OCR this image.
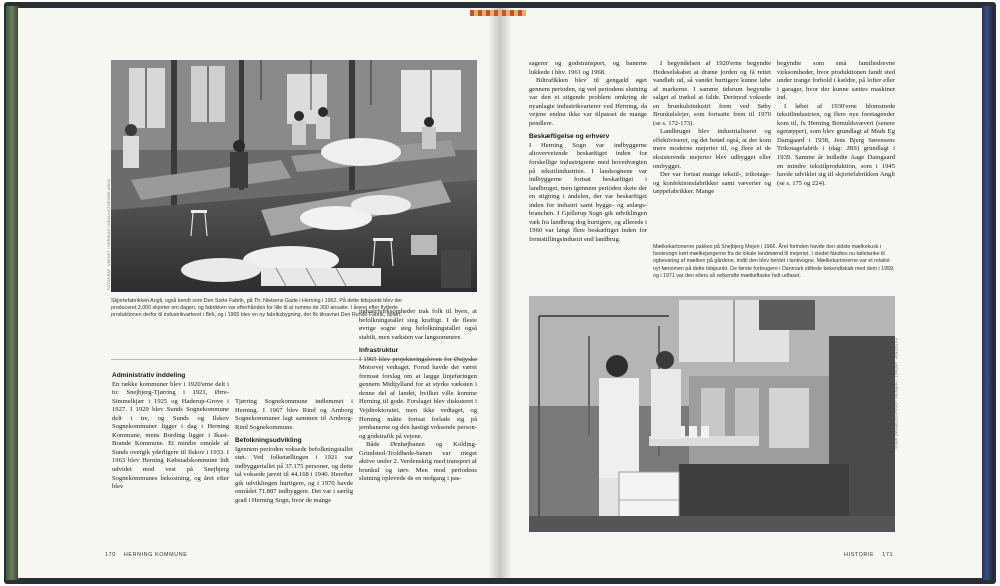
FOTOGRAF: UKENDT / HERNING LOKALHISTORISKE ARKIV
Skjortefabrikken Angli, også kendt som Den Sorte Fabrik, på Th. Nielsens Gade i Herning i 1962. På dette tidspunkt blev der produceret 3.000 skjorter om dagen, og fabrikken var efterhånden for lille til at rumme de 300 ansatte. I årene efter flyttede produktionen derfor til industrikvarteret i Birk, og i 1965 blev en ny fabriksbygning, der fik tilnavnet Den Runde Fabrik, opført.
Administrativ inddeling

En række kommuner blev i 1920'erne delt i to: Snejbjerg-Tjørring i 1921, Ørre-Simmelkjær i 1925 og Haderup-Grove i 1927. I 1929 blev Sunds Sognekommune delt i tre, og Sunds og Ilskov Sognekommuner ligger i dag i Herning Kommune, mens Bording ligger i Ikast-Brande Kommune. Et mindre område af Sunds overgik yderligere til Ilskov i 1933. I 1963 blev Herning Købstadskommune lidt udvidet mod vest på Snejbjerg Sognekommunes bekostning, og året efter blev

Tjørring Sognekommune indlemmet i Herning. I 1967 blev Rind og Arnborg Sognekommuner lagt sammen til Arnborg-Rind Sognekommune.

Befolkningsudvikling

Igennem perioden voksede befolkningstallet støt. Ved folketællingen i 1921 var indbyggertallet på 37.175 personer, og dette tal voksede jævnt til 44.168 i 1940. Herefter gik udviklingen hurtigere, og i 1970 havde området 71.887 indbyggere. Det var i særlig grad i Herning Sogn, hvor de mange

industrivirksomheder trak folk til byen, at befolkningstallet steg kraftigt. I de fleste øvrige sogne steg befolkningstallet også stabilt, men væksten var langsommere.

Infrastruktur

I 1965 blev projekteringsloven for Østjyske Motorvej vedtaget. Forud havde der været fremsat forslag om at lægge linjeføringen gennem Midtjylland for at styrke væksten i denne del af landet, hvilket ville komme Herning til gode. Forslaget blev diskuteret i Vejdirektoratet, men ikke vedtaget, og Herning måtte fortsat forlade sig på jernbanerne og den hastigt voksende person- og godstrafik på vejene.

Både Ørnhøjbanen og Kolding-Grindsted-Troldhede-banen var meget aktive under 2. Verdenskrig med transport af brunkul og tørv. Men mod periodens slutning oplevede de en nedgang i pas-

170 HERNING KOMMUNE

sagerer og godstransport, og banerne lukkede i hhv. 1961 og 1968.

Biltrafikken blev til gengæld øget gennem perioden, og ved periodens slutning var den et stigende problem omkring de nyanlagte industrikvarterer ved Herning, da vejene endnu ikke var tilpasset de mange pendlere.

Beskæftigelse og erhverv

I Herning Sogn var indbyggerne altoverveiende beskæftiget inden for forskellige industrigrene med hovedvægten på tekstilindustrien. I landsognene var indbyggerne fortsat beskæftiget i landbruget, men igennem perioden skete der en stigning i andelen, der var beskæftiget inden for industri samt bygge- og anlægs-branchen. I Gjellerup Sogn gik udviklingen væk fra landbrug dog hurtigere, og allerede i 1960 var langt flere beskæftiget inden for fremstillingsindustri end landbrug.

I begyndelsen af 1920'erne begyndte Hedeselskabet at dræne jorden og få rettet vandløb ud, så vandet hurtigere kunne løbe af markerne. I samme tidsrum begyndte salget af trækul at falde. Derimod voksede en brunkulsindustri frem ved Søby Brunkulslejer, som fortsatte frem til 1970 (se s. 172-173).

Landbruget blev industrialiseret og effektiviseret, og det betød også, at der kom mere moderne mejerier til, og flere af de eksisterende mejerier blev udbygget eller ombygget.

Der var fortsat mange tekstil-, trikotage- og konfektionsfabrikker samt væverier og tæppefabrikker. Mange

begyndte som små familiedrevne virksomheder, hvor produktionen fandt sted under trange forhold i kældre, på lofter eller i garager, hvor der kunne sættes maskiner ind.

I løbet af 1930'erne blomstrede tekstilindustrien, og flere nye foretagender kom til, fx Herning Bomuldsvæveri (senere egetæpper), som blev grundlagt af Mads Eg Damgaard i 1938, Jens Bjerg Sørensens Trikotagefabrik i (dag: JBS) grundlagt i 1939. Samme år indledte Aage Damgaard en mindre tekstilproduktion, som i 1945 havde udviklet sig til skjortefabrikken Angli (se s. 175 og 224).

Mælkekartonerne pakkes på Snejbjerg Mejeri i 1966. Året forinden havde den sidste mælkekusk i hestevogn kørt mælkejungerne fra de lokale landmænd til mejeriet. I stedet fandtes nu køletanke til opbevaring af mælken på gårdene, indtil den blev hentet i tankvogne. Mælkekartonerne var et relativt nyt fænomen på dette tidspunkt. De første forbrugere i Danmark stiftede bekendtskab med dem i 1959, og i 1971 var den ellers så velkendte mælkeflaske helt udfaset.
FOTOGRAF: UKENDT / HERNING LOKALHISTORISKE ARKIV
HISTORIE 171
